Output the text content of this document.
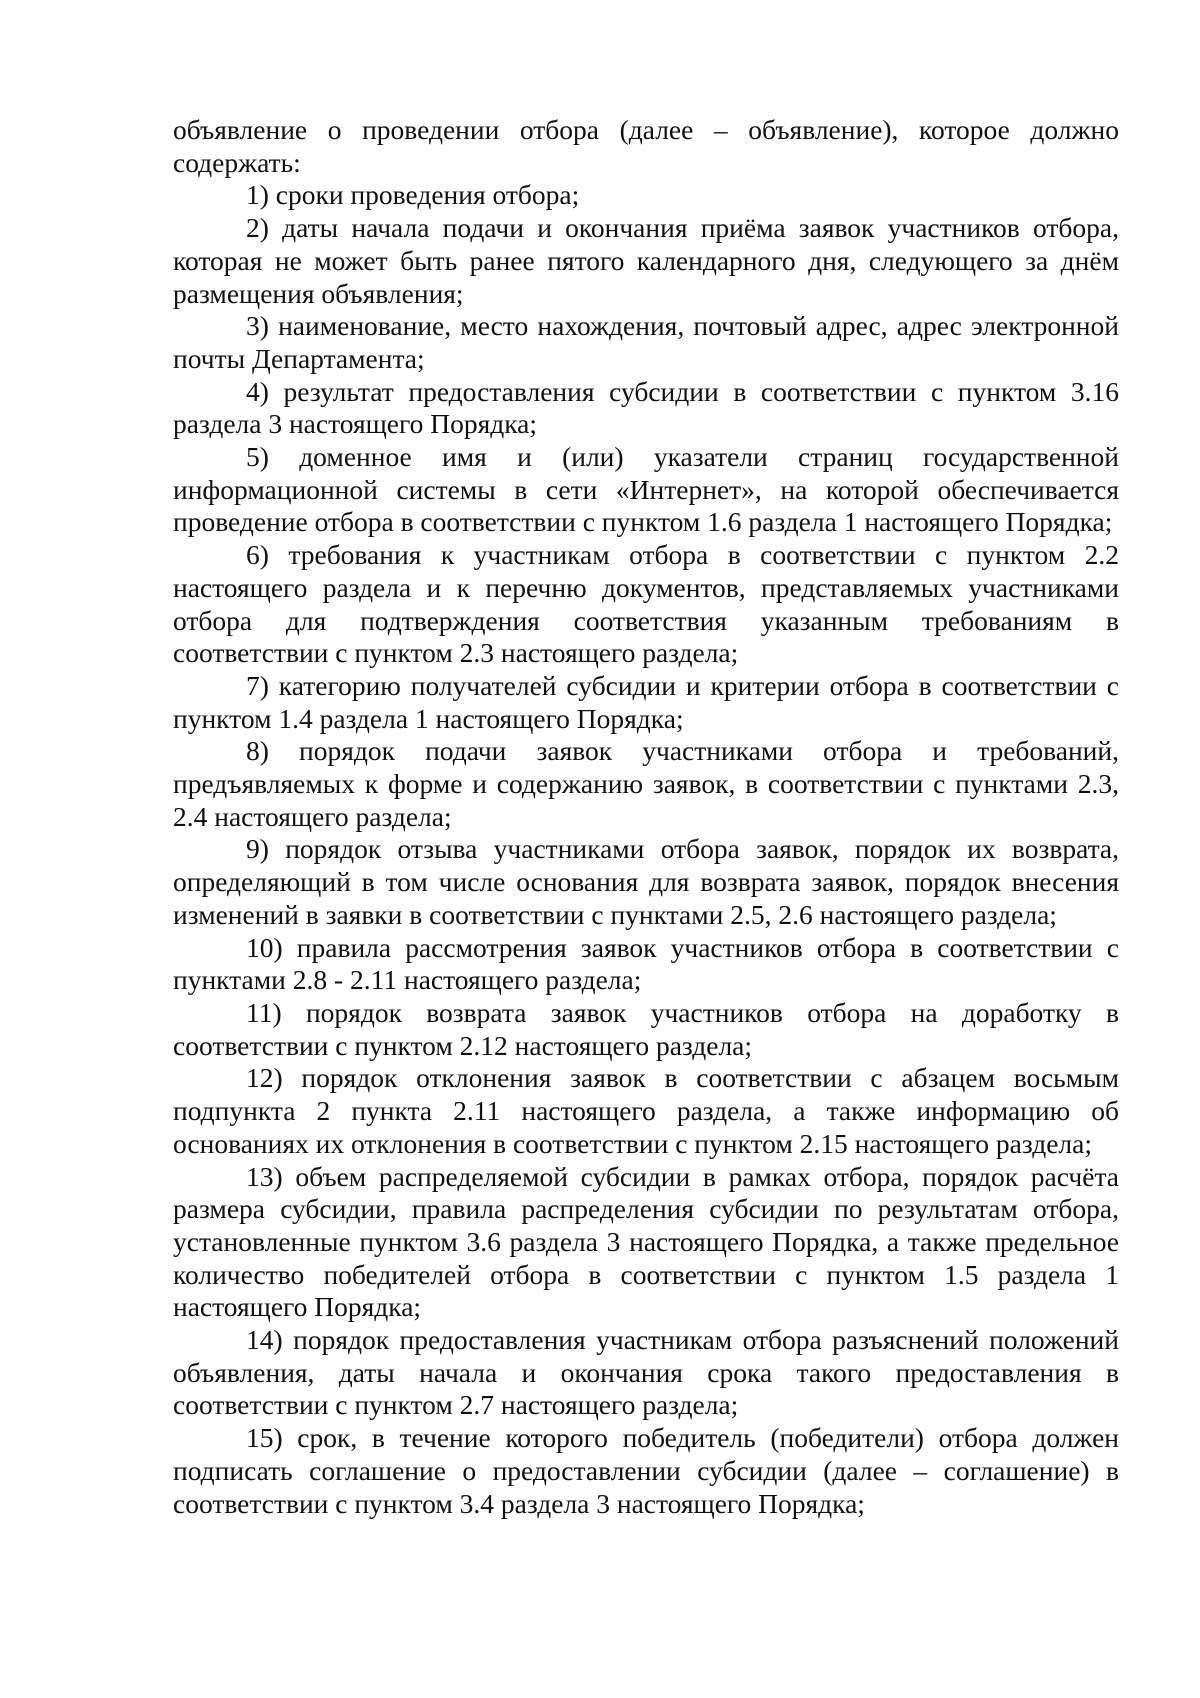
объявление о проведении отбора (далее – объявление), которое должно содержать:

1) сроки проведения отбора;

2) даты начала подачи и окончания приёма заявок участников отбора, которая не может быть ранее пятого календарного дня, следующего за днём размещения объявления;

3) наименование, место нахождения, почтовый адрес, адрес электронной почты Департамента;

4) результат предоставления субсидии в соответствии с пунктом 3.16 раздела 3 настоящего Порядка;

5) доменное имя и (или) указатели страниц государственной информационной системы в сети «Интернет», на которой обеспечивается проведение отбора в соответствии с пунктом 1.6 раздела 1 настоящего Порядка;

6) требования к участникам отбора в соответствии с пунктом 2.2 настоящего раздела и к перечню документов, представляемых участниками отбора для подтверждения соответствия указанным требованиям в соответствии с пунктом 2.3 настоящего раздела;

7) категорию получателей субсидии и критерии отбора в соответствии с пунктом 1.4 раздела 1 настоящего Порядка;

8) порядок подачи заявок участниками отбора и требований, предъявляемых к форме и содержанию заявок, в соответствии с пунктами 2.3, 2.4 настоящего раздела;

9) порядок отзыва участниками отбора заявок, порядок их возврата, определяющий в том числе основания для возврата заявок, порядок внесения изменений в заявки в соответствии с пунктами 2.5, 2.6 настоящего раздела;

10) правила рассмотрения заявок участников отбора в соответствии с пунктами 2.8 - 2.11 настоящего раздела;

11) порядок возврата заявок участников отбора на доработку в соответствии с пунктом 2.12 настоящего раздела;

12) порядок отклонения заявок в соответствии с абзацем восьмым подпункта 2 пункта 2.11 настоящего раздела, а также информацию об основаниях их отклонения в соответствии с пунктом 2.15 настоящего раздела;

13) объем распределяемой субсидии в рамках отбора, порядок расчёта размера субсидии, правила распределения субсидии по результатам отбора, установленные пунктом 3.6 раздела 3 настоящего Порядка, а также предельное количество победителей отбора в соответствии с пунктом 1.5 раздела 1 настоящего Порядка;

14) порядок предоставления участникам отбора разъяснений положений объявления, даты начала и окончания срока такого предоставления в соответствии с пунктом 2.7 настоящего раздела;

15) срок, в течение которого победитель (победители) отбора должен подписать соглашение о предоставлении субсидии (далее – соглашение) в соответствии с пунктом 3.4 раздела 3 настоящего Порядка;
